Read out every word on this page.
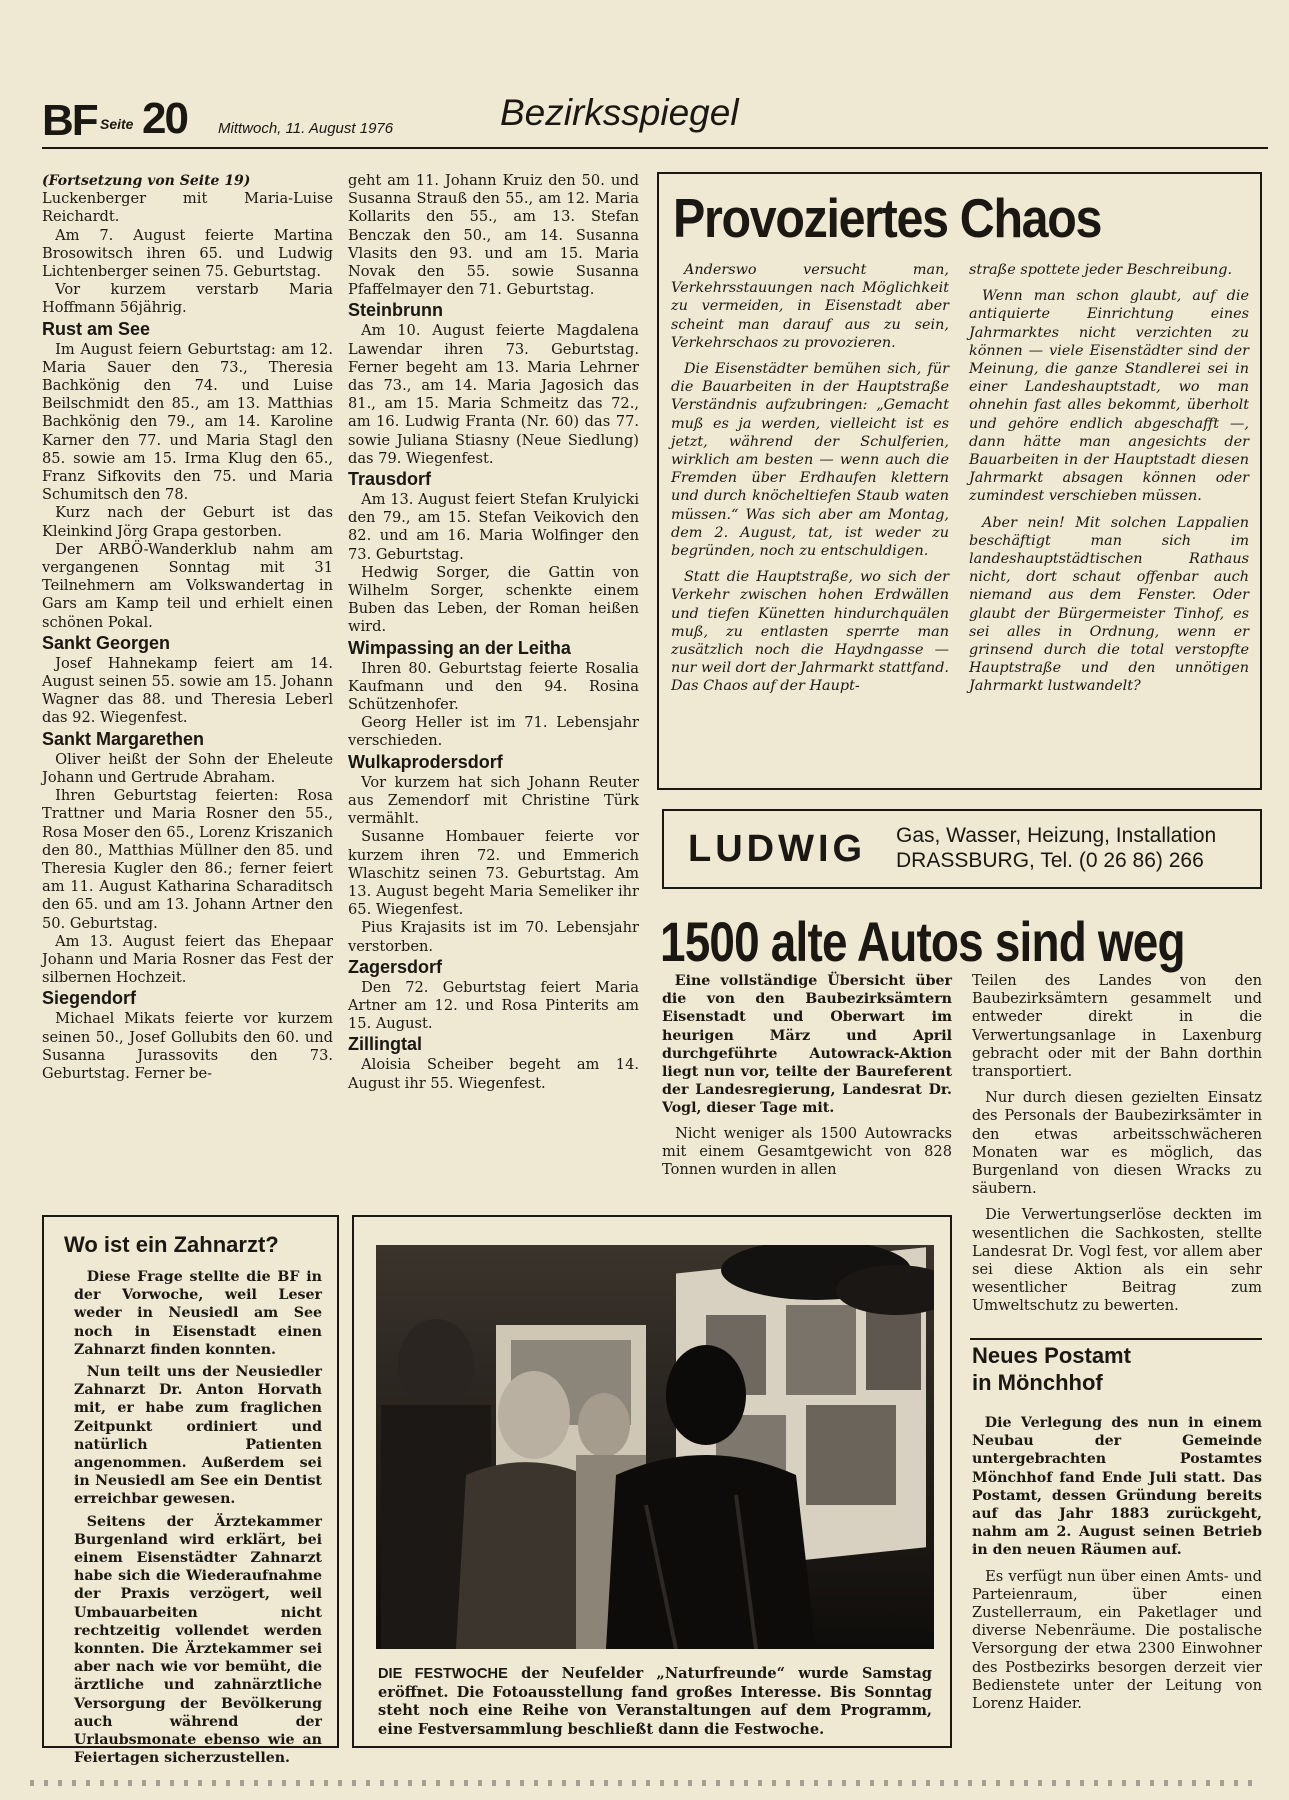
BF Seite 20 Mittwoch, 11. August 1976	Bezirksspiegel

(Fortsetzung von Seite 19)

Luckenberger mit Maria-Luise Reichardt.

Am 7. August feierte Martina Brosowitsch ihren 65. und Ludwig Lichtenberger seinen 75. Geburtstag.

Vor kurzem verstarb Maria Hoffmann 56jährig.

Rust am See

Im August feiern Geburtstag: am 12. Maria Sauer den 73., Theresia Bachkönig den 74. und Luise Beilschmidt den 85., am 13. Matthias Bachkönig den 79., am 14. Karoline Karner den 77. und Maria Stagl den 85. sowie am 15. Irma Klug den 65., Franz Sifkovits den 75. und Maria Schumitsch den 78.

Kurz nach der Geburt ist das Kleinkind Jörg Grapa gestorben.

Der ARBÖ-Wanderklub nahm am vergangenen Sonntag mit 31 Teilnehmern am Volkswandertag in Gars am Kamp teil und erhielt einen schönen Pokal.

Sankt Georgen

Josef Hahnekamp feiert am 14. August seinen 55. sowie am 15. Johann Wagner das 88. und Theresia Leberl das 92. Wiegenfest.

Sankt Margarethen

Oliver heißt der Sohn der Eheleute Johann und Gertrude Abraham.

Ihren Geburtstag feierten: Rosa Trattner und Maria Rosner den 55., Rosa Moser den 65., Lorenz Kriszanich den 80., Matthias Müllner den 85. und Theresia Kugler den 86.; ferner feiert am 11. August Katharina Scharaditsch den 65. und am 13. Johann Artner den 50. Geburtstag.

Am 13. August feiert das Ehepaar Johann und Maria Rosner das Fest der silbernen Hochzeit.

Siegendorf

Michael Mikats feierte vor kurzem seinen 50., Josef Gollubits den 60. und Susanna Jurassovits den 73. Geburtstag. Ferner be-

geht am 11. Johann Kruiz den 50. und Susanna Strauß den 55., am 12. Maria Kollarits den 55., am 13. Stefan Benczak den 50., am 14. Susanna Vlasits den 93. und am 15. Maria Novak den 55. sowie Susanna Pfaffelmayer den 71. Geburtstag.

Steinbrunn

Am 10. August feierte Magdalena Lawendar ihren 73. Geburtstag. Ferner begeht am 13. Maria Lehrner das 73., am 14. Maria Jagosich das 81., am 15. Maria Schmeitz das 72., am 16. Ludwig Franta (Nr. 60) das 77. sowie Juliana Stiasny (Neue Siedlung) das 79. Wiegenfest.

Trausdorf

Am 13. August feiert Stefan Krulyicki den 79., am 15. Stefan Veikovich den 82. und am 16. Maria Wolfinger den 73. Geburtstag.

Hedwig Sorger, die Gattin von Wilhelm Sorger, schenkte einem Buben das Leben, der Roman heißen wird.

Wimpassing an der Leitha

Ihren 80. Geburtstag feierte Rosalia Kaufmann und den 94. Rosina Schützenhofer.

Georg Heller ist im 71. Lebensjahr verschieden.

Wulkaprodersdorf

Vor kurzem hat sich Johann Reuter aus Zemendorf mit Christine Türk vermählt.

Susanne Hombauer feierte vor kurzem ihren 72. und Emmerich Wlaschitz seinen 73. Geburtstag. Am 13. August begeht Maria Semeliker ihr 65. Wiegenfest.

Pius Krajasits ist im 70. Lebensjahr verstorben.

Zagersdorf

Den 72. Geburtstag feiert Maria Artner am 12. und Rosa Pinterits am 15. August.

Zillingtal

Aloisia Scheiber begeht am 14. August ihr 55. Wiegenfest.

Provoziertes Chaos

Anderswo versucht man, Verkehrsstauungen nach Möglichkeit zu vermeiden, in Eisenstadt aber scheint man darauf aus zu sein, Verkehrschaos zu provozieren.

Die Eisenstädter bemühen sich, für die Bauarbeiten in der Hauptstraße Verständnis aufzubringen: „Gemacht muß es ja werden, vielleicht ist es jetzt, während der Schulferien, wirklich am besten — wenn auch die Fremden über Erdhaufen klettern und durch knöcheltiefen Staub waten müssen.“ Was sich aber am Montag, dem 2. August, tat, ist weder zu begründen, noch zu entschuldigen.

Statt die Hauptstraße, wo sich der Verkehr zwischen hohen Erdwällen und tiefen Künetten hindurchquälen muß, zu entlasten sperrte man zusätzlich noch die Haydngasse — nur weil dort der Jahrmarkt stattfand. Das Chaos auf der Haupt-

straße spottete jeder Beschreibung.

Wenn man schon glaubt, auf die antiquierte Einrichtung eines Jahrmarktes nicht verzichten zu können — viele Eisenstädter sind der Meinung, die ganze Standlerei sei in einer Landeshauptstadt, wo man ohnehin fast alles bekommt, überholt und gehöre endlich abgeschafft —, dann hätte man angesichts der Bauarbeiten in der Hauptstadt diesen Jahrmarkt absagen können oder zumindest verschieben müssen.

Aber nein! Mit solchen Lappalien beschäftigt man sich im landeshauptstädtischen Rathaus nicht, dort schaut offenbar auch niemand aus dem Fenster. Oder glaubt der Bürgermeister Tinhof, es sei alles in Ordnung, wenn er grinsend durch die total verstopfte Hauptstraße und den unnötigen Jahrmarkt lustwandelt?

LUDWIG Gas, Wasser, Heizung, Installation
DRASSBURG, Tel. (0 26 86) 266
1500 alte Autos sind weg

Eine vollständige Übersicht über die von den Baubezirksämtern Eisenstadt und Oberwart im heurigen März und April durchgeführte Autowrack-Aktion liegt nun vor, teilte der Baureferent der Landesregierung, Landesrat Dr. Vogl, dieser Tage mit.

Nicht weniger als 1500 Autowracks mit einem Gesamtgewicht von 828 Tonnen wurden in allen

Teilen des Landes von den Baubezirksämtern gesammelt und entweder direkt in die Verwertungsanlage in Laxenburg gebracht oder mit der Bahn dorthin transportiert.

Nur durch diesen gezielten Einsatz des Personals der Baubezirksämter in den etwas arbeitsschwächeren Monaten war es möglich, das Burgenland von diesen Wracks zu säubern.

Die Verwertungserlöse deckten im wesentlichen die Sachkosten, stellte Landesrat Dr. Vogl fest, vor allem aber sei diese Aktion als ein sehr wesentlicher Beitrag zum Umweltschutz zu bewerten.

Wo ist ein Zahnarzt?

Diese Frage stellte die BF in der Vorwoche, weil Leser weder in Neusiedl am See noch in Eisenstadt einen Zahnarzt finden konnten.

Nun teilt uns der Neusiedler Zahnarzt Dr. Anton Horvath mit, er habe zum fraglichen Zeitpunkt ordiniert und natürlich Patienten angenommen. Außerdem sei in Neusiedl am See ein Dentist erreichbar gewesen.

Seitens der Ärztekammer Burgenland wird erklärt, bei einem Eisenstädter Zahnarzt habe sich die Wiederaufnahme der Praxis verzögert, weil Umbauarbeiten nicht rechtzeitig vollendet werden konnten. Die Ärztekammer sei aber nach wie vor bemüht, die ärztliche und zahnärztliche Versorgung der Bevölkerung auch während der Urlaubsmonate ebenso wie an Feiertagen sicherzustellen.

DIE FESTWOCHE der Neufelder „Naturfreunde“ wurde Samstag eröffnet. Die Fotoausstellung fand großes Interesse. Bis Sonntag steht noch eine Reihe von Veranstaltungen auf dem Programm, eine Festversammlung beschließt dann die Festwoche.
Neues Postamt
in Mönchhof

Die Verlegung des nun in einem Neubau der Gemeinde untergebrachten Postamtes Mönchhof fand Ende Juli statt. Das Postamt, dessen Gründung bereits auf das Jahr 1883 zurückgeht, nahm am 2. August seinen Betrieb in den neuen Räumen auf.

Es verfügt nun über einen Amts- und Parteienraum, über einen Zustellerraum, ein Paketlager und diverse Nebenräume. Die postalische Versorgung der etwa 2300 Einwohner des Postbezirks besorgen derzeit vier Bedienstete unter der Leitung von Lorenz Haider.
